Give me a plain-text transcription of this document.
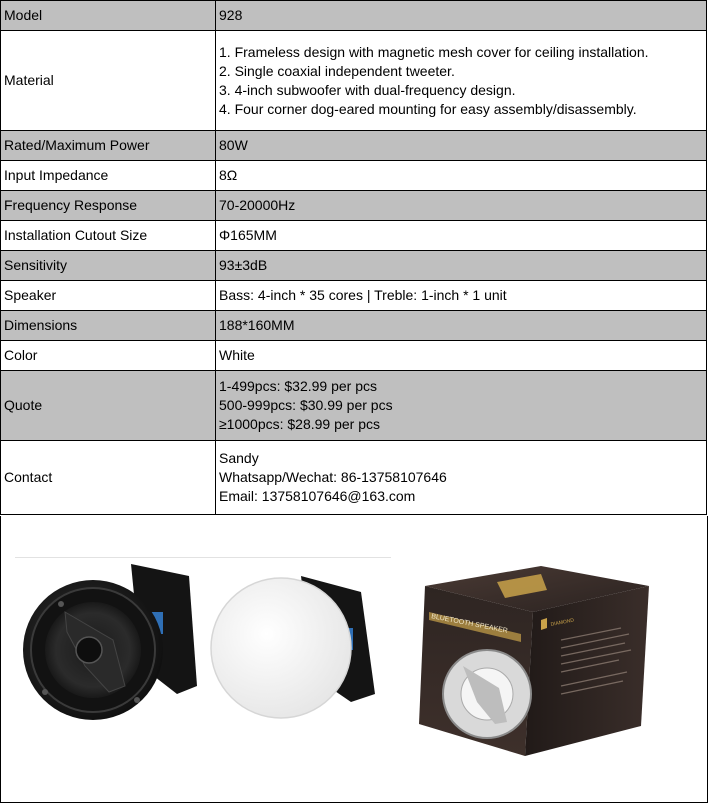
Model	928

Material	1. Frameless design with magnetic mesh cover for ceiling installation.
2. Single coaxial independent tweeter.
3. 4-inch subwoofer with dual-frequency design.
4. Four corner dog-eared mounting for easy assembly/disassembly.

Rated/Maximum Power	80W

Input Impedance	8Ω

Frequency Response	70-20000Hz

Installation Cutout Size	Φ165MM

Sensitivity	93±3dB

Speaker	Bass: 4-inch * 35 cores | Treble: 1-inch * 1 unit

Dimensions	188*160MM

Color	White

Quote	1-499pcs: $32.99 per pcs
500-999pcs: $30.99 per pcs
≥1000pcs: $28.99 per pcs

Contact	Sandy
Whatsapp/Wechat: 86-13758107646
Email: 13758107646@163.com
BLUETOOTH SPEAKER	DIAMOND
